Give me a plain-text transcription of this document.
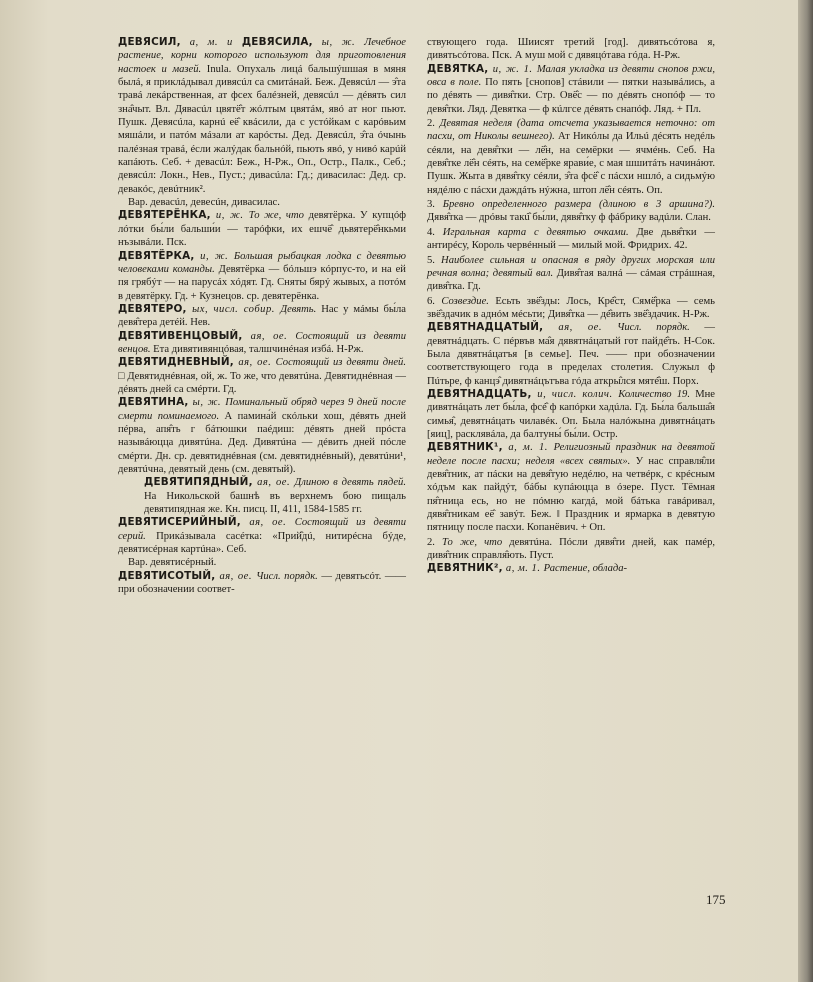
ДЕВЯСИЛ, а, м. и ДЕВЯСИЛА, ы, ж. Лечебное растение, корни которого используют для приготовления настоек и мазей. Inula. Опухаль лицá бальшýшшая в мяня былá, я приклáдывал дивясúл са смитáнай. Беж. Девясúл — э̂та травá лекáрственная, ат фсех балéзней, девясúл — дéвять сил зна̂чыт. Вл. Дявасúл цвятё̂т жóлтым цвятáм, явó ат ног пьют. Пушк. Девясúла, карнú её̂ квáсили, да с устóйкам с карóвьим мяшáли, и патóм мáзали ат карóсты. Дед. Девясúл, э̂та óчынь палéзная травá, éсли жалýдак бальнóй, пьють явó, у нивó карúй капáють. Себ. + девасúл: Беж., Н-Рж., Оп., Остр., Палк., Себ.; девясúл: Локн., Нев., Пуст.; дивасúла: Гд.; дивасилас: Дед. ср. девакóс, девúтник².

Вар. девасúл, девесúн, дивасилас.

ДЕВЯТЕРЁНКА, и, ж. То же, что девятёрка. У купцóф лóтки бы́ли бальши́и — тарóфки, их ешчё̂ дьвятерё̂нкьми нъзывáли. Пск.

ДЕВЯТЁРКА, и, ж. Большая рыбацкая лодка с девятью человеками команды. Девятёрка — бóльшэ кóрпус-то, и на ей пя грябýт — на парусáх хóдят. Гд. Сняты бярý жывых, а потóм в девятёрку. Гд. + Кузнецов. ср. девятерёнка.

ДЕВЯТЕРО, ых, числ. собир. Девять. Нас у мáмы бы́ла девя̂тера детéй. Нев.

ДЕВЯТИВЕНЦОВЫЙ, ая, ое. Состоящий из девяти венцов. Ета дивятивянцóвая, талшчинéная избá. Н-Рж.

ДЕВЯТИДНЕВНЫЙ, ая, ое. Состоящий из девяти дней. □ Девятиднéвная, ой, ж. То же, что девятúна. Девятиднéвная — дéвять дней са смéрти. Гд.

ДЕВЯТИНА, ы, ж. Поминальный обряд через 9 дней после смерти поминаемого. А памина́й скóльки хош, дéвять дней пéрва, апя̂ть г бáтюшки паéдиш: дéвять дней прóста назывáюцца дивятúна. Дед. Дивятúна — дéвить дней пóсле смéрти. Дн. ср. девятиднéвная (см. девятиднéвный), девятúни¹, девятúчна, девятый день (см. девятый).

ДЕВЯТИПЯДНЫЙ, ая, ое. Длиною в девять пядей. На Никольской башнѣ въ верхнемъ бою пищаль девятипядная же. Кн. писц. II, 411, 1584-1585 гг.

ДЕВЯТИСЕРИЙНЫЙ, ая, ое. Состоящий из девяти серий. Прикáзывала сасéтка: «Прий̂дú, нитирéсна бýде, девятисéрная картúна». Себ.

Вар. девятисéрный.

ДЕВЯТИСОТЫЙ, ая, ое. Числ. порядк. — девятьсóт. —— при обозначении соответ-

ствующего года. Шиисят третий [год]. дивятьсóтова я, дивятьсóтова. Пск. А муш мой с дявяцóтава гóда. Н-Рж.

ДЕВЯТКА, и, ж. 1. Малая укладка из девяти снопов ржи, овса в поле. По пять [снопов] стáвили — пятки назывáлись, а по дéвять — дивя̂тки. Стр. Овё̂с — по дéвять снопóф — то девя̂тки. Ляд. Девятка — ф кúлгсе дéвять снапóф. Ляд. + Пл.

2. Девятая неделя (дата отсчета указывается неточно: от пасхи, от Николы вешнего). Ат Никóлы да Ильú дéсять недéль сéяли, на девя̂тки — лё̂н, на семёрки — ячмéнь. Себ. На девя̂тке лё̂н сéять, на семё̂рке ярави́е, с мая шшитáть начинáют. Пушк. Жыта в дявя̂тку сéяли, э̂та фсё̂ с пáсхи ншлó, а сидьмýю нядéлю с пáсхи даждáть нýжна, штоп лё̂н сéять. Оп.

3. Бревно определенного размера (длиною в 3 аршина?). Дявя̂тка — дрóвы такú̂ бы́ли, дявя̂тку ф фáбрику вадúли. Слан.

4. Игральная карта с девятью очками. Две дьвя̂тки — антирéсу, Король червéнный — милый мой. Фридрих. 42.

5. Наиболее сильная и опасная в ряду других морская или речная волна; девятый вал. Дивя̂тая валнá — сáмая стрáшная, дивя̂тка. Гд.

6. Созвездие. Есьть звё̂зды: Лось, Крé̂ст, Сямё̂рка — семь звё̂здачик в аднóм мéсьти; Дивя̂тка — дé̂вить звё̂здачик. Н-Рж.

ДЕВЯТНАДЦАТЫЙ, ая, ое. Числ. порядк. — девятнáдцать. С пéрвъв ма̂я дявятнáцатый гот пайдé̂ть. Н-Сок. Была дявятнáцатъя [в семье]. Печ. —— при обозначении соответствующего года в пределах столетия. Служыл ф Пúтьре, ф канцэ̂ дивятнáцътъва гóда аткры̂лся мятé̂ш. Порх.

ДЕВЯТНАДЦАТЬ, и, числ. колич. Количество 19. Мне дивятнáцать лет бы́ла, фсé̂ ф капóрки хадúла. Гд. Бы́ла бальша̂я симья̂, девятнáцать чилавéк. Оп. Была налóжына дивятнáцать [яиц], расклявáла, да балтуны́ бы́ли. Остр.

ДЕВЯТНИК¹, а, м. 1. Религиозный праздник на девятой неделе после пасхи; неделя «всех святых». У нас справля̂ли девя̂тник, ат пáски на девя̂тую недéлю, на четвéрк, с крéсным хóдъм как пайдýт, бáбы купáюцца в óзере. Пуст. Тёмная пя̂тница есь, но не пóмню кагдá, мой бáтька гавáривал, дявя̂тникам её̂ завýт. Беж. ‖ Праздник и ярмарка в девятую пятницу после пасхи. Копанёвич. + Оп.

2. То же, что девятúна. Пóсли дявя̂ти дней, как памéр, дивя̂тник справля̂ють. Пуст.

ДЕВЯТНИК², а, м. 1. Растение, облада-

175
